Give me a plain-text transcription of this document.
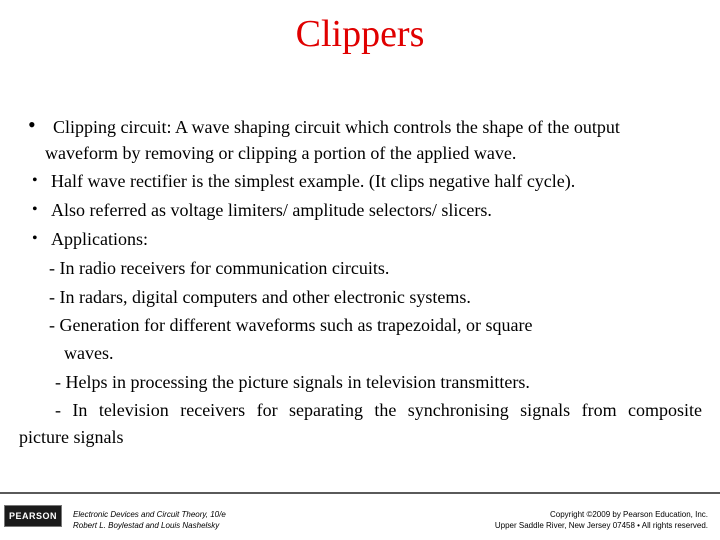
Clippers
• Clipping circuit: A wave shaping circuit which controls the shape of the output
waveform by removing or clipping a portion of the applied wave.
• Half wave rectifier is the simplest example. (It clips negative half cycle).
• Also referred as voltage limiters/ amplitude selectors/ slicers.
• Applications:
- In radio receivers for communication circuits.
- In radars, digital computers and other electronic systems.
- Generation for different waveforms such as trapezoidal, or square
waves.
- Helps in processing the picture signals in television transmitters.
- In television receivers for separating the synchronising signals from composite
picture signals
PEARSON	Electronic Devices and Circuit Theory, 10/e
Robert L. Boylestad and Louis Nashelsky
Copyright ©2009 by Pearson Education, Inc.
Upper Saddle River, New Jersey 07458 • All rights reserved.
